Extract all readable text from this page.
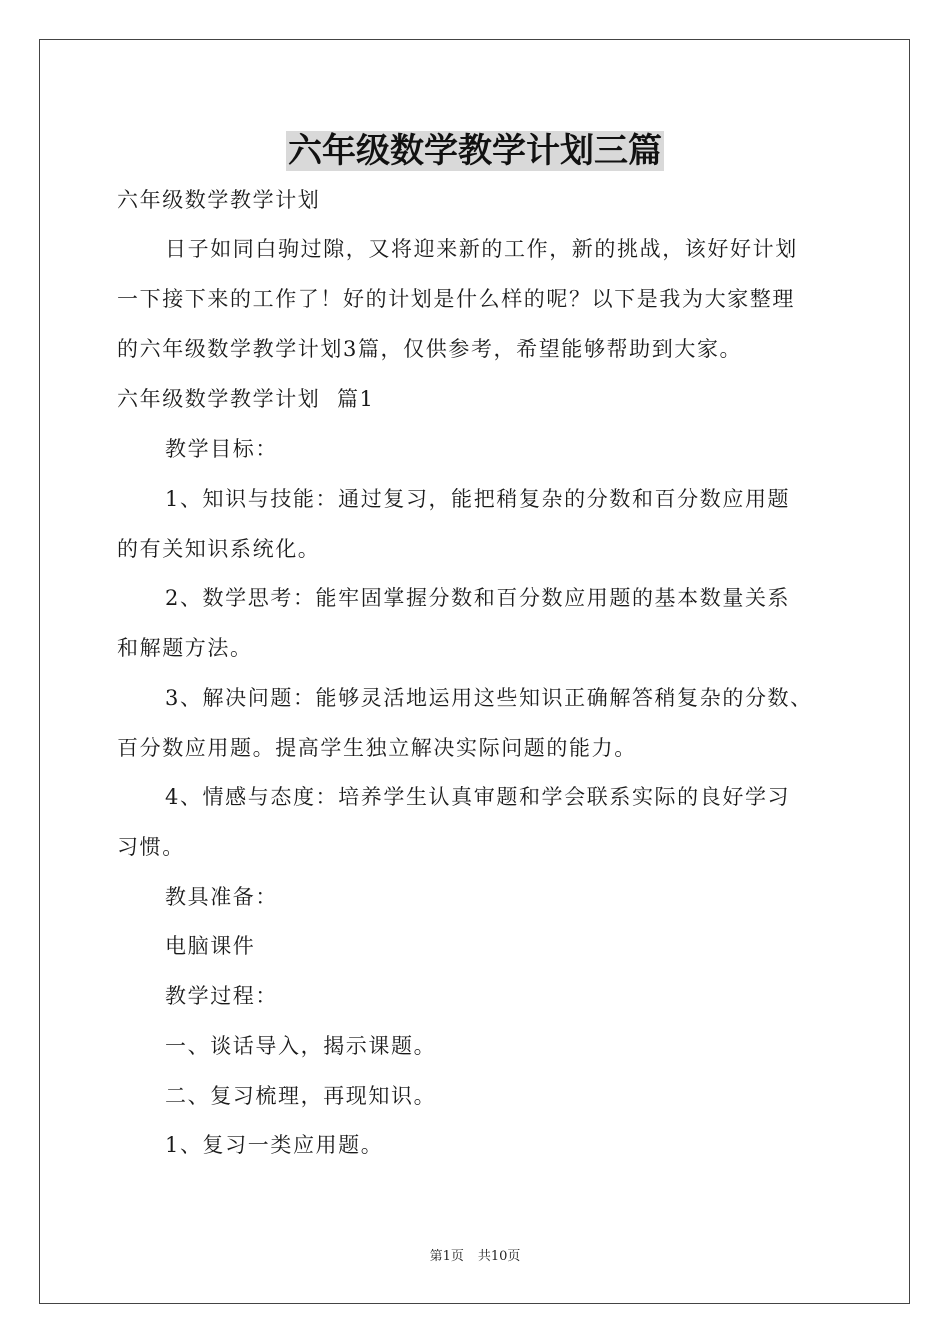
六年级数学教学计划三篇
六年级数学教学计划
日子如同白驹过隙，又将迎来新的工作，新的挑战，该好好计划
一下接下来的工作了！好的计划是什么样的呢？以下是我为大家整理
的六年级数学教学计划3篇，仅供参考，希望能够帮助到大家。
六年级数学教学计划  篇1
教学目标：
1、知识与技能：通过复习，能把稍复杂的分数和百分数应用题
的有关知识系统化。
2、数学思考：能牢固掌握分数和百分数应用题的基本数量关系
和解题方法。
3、解决问题：能够灵活地运用这些知识正确解答稍复杂的分数、
百分数应用题。提高学生独立解决实际问题的能力。
4、情感与态度：培养学生认真审题和学会联系实际的良好学习
习惯。
教具准备：
电脑课件
教学过程：
一、谈话导入，揭示课题。
二、复习梳理，再现知识。
1、复习一类应用题。
第1页 共10页
